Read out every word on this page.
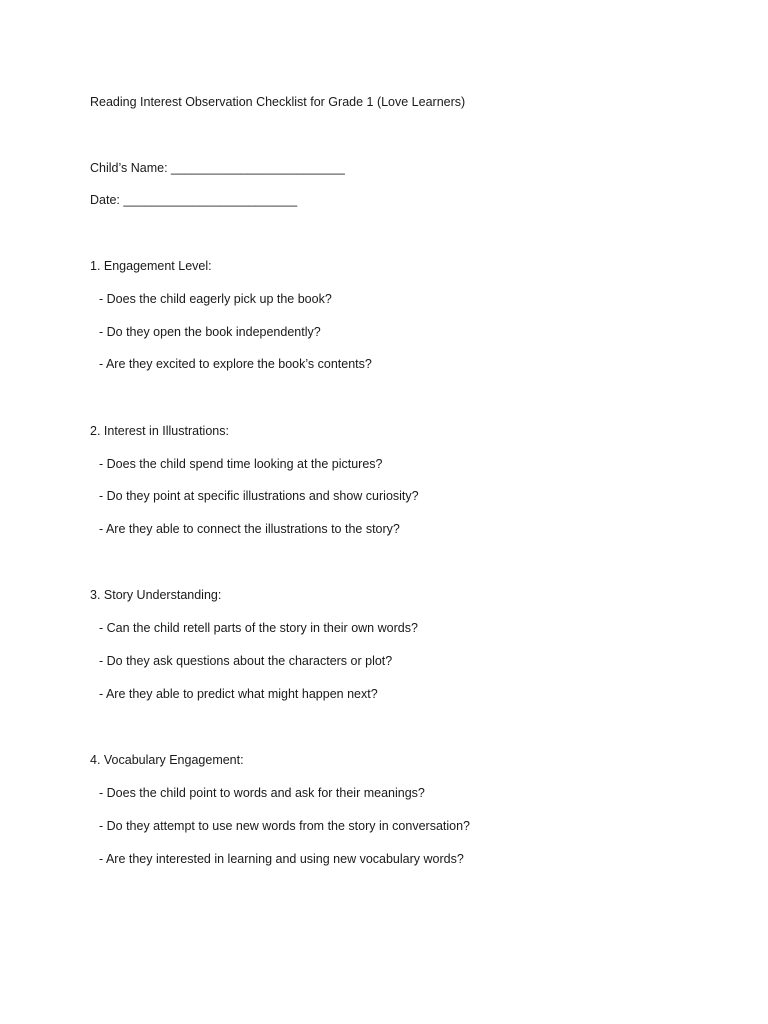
Reading Interest Observation Checklist for Grade 1 (Love Learners)
Child’s Name: _________________________
Date: _________________________
1. Engagement Level:
- Does the child eagerly pick up the book?
- Do they open the book independently?
- Are they excited to explore the book’s contents?
2. Interest in Illustrations:
- Does the child spend time looking at the pictures?
- Do they point at specific illustrations and show curiosity?
- Are they able to connect the illustrations to the story?
3. Story Understanding:
- Can the child retell parts of the story in their own words?
- Do they ask questions about the characters or plot?
- Are they able to predict what might happen next?
4. Vocabulary Engagement:
- Does the child point to words and ask for their meanings?
- Do they attempt to use new words from the story in conversation?
- Are they interested in learning and using new vocabulary words?
